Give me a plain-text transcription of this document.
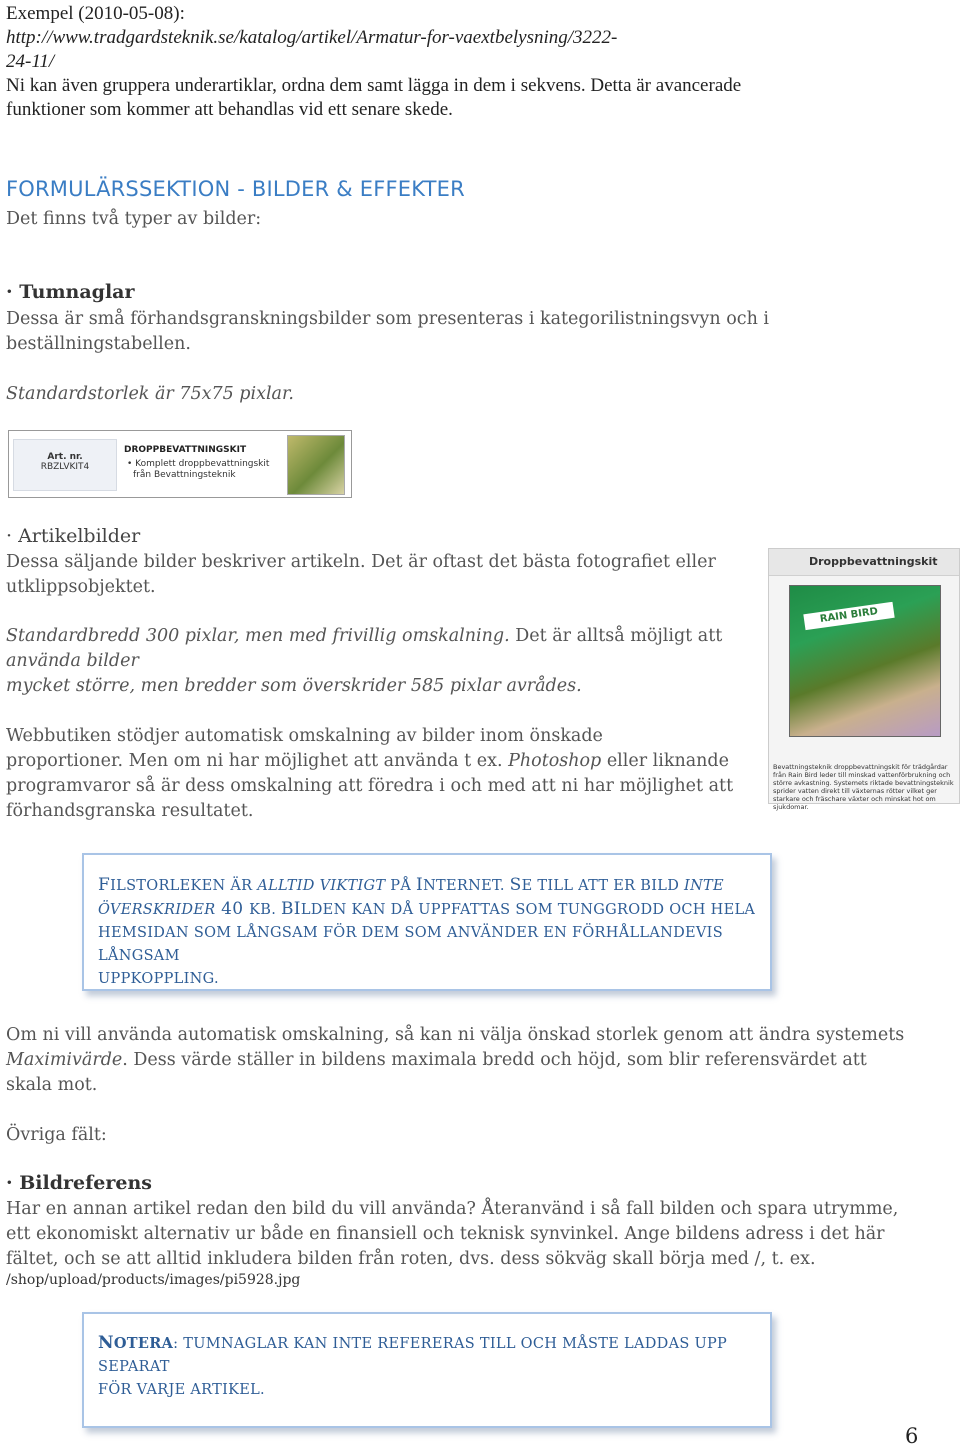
Exempel (2010-05-08):
http://www.tradgardsteknik.se/katalog/artikel/Armatur-for-vaextbelysning/3222-
24-11/
Ni kan även gruppera underartiklar, ordna dem samt lägga in dem i sekvens. Detta är avancerade
funktioner som kommer att behandlas vid ett senare skede.
FORMULÄRSSEKTION - BILDER & EFFEKTER
Det finns två typer av bilder:
· Tumnaglar
Dessa är små förhandsgranskningsbilder som presenteras i kategorilistningsvyn och i
beställningstabellen.
Standardstorlek är 75x75 pixlar.
Art. nr.
RBZLVKIT4
DROPPBEVATTNINGSKIT
• Komplett droppbevattningskit
från Bevattningsteknik
· Artikelbilder
Dessa säljande bilder beskriver artikeln. Det är oftast det bästa fotografiet eller
utklippsobjektet.
Standardbredd 300 pixlar, men med frivillig omskalning. Det är alltså möjligt att
använda bilder
mycket större, men bredder som överskrider 585 pixlar avrådes.
Webbutiken stödjer automatisk omskalning av bilder inom önskade
proportioner. Men om ni har möjlighet att använda t ex. Photoshop eller liknande
programvaror så är dess omskalning att föredra i och med att ni har möjlighet att
förhandsgranska resultatet.
Droppbevattningskit
RAIN BIRD
Bevattningsteknik droppbevattningskit för trädgårdar från Rain Bird leder till minskad vattenförbrukning och större avkastning. Systemets riktade bevattningsteknik sprider vatten direkt till växternas rötter vilket ger starkare och fräschare växter och minskat hot om sjukdomar.
FILSTORLEKEN ÄR ALLTID VIKTIGT PÅ INTERNET. SE TILL ATT ER BILD INTE
ÖVERSKRIDER 40 KB. BILDEN KAN DÅ UPPFATTAS SOM TUNGGRODD OCH HELA
HEMSIDAN SOM LÅNGSAM FÖR DEM SOM ANVÄNDER EN FÖRHÅLLANDEVIS LÅNGSAM
UPPKOPPLING.
Om ni vill använda automatisk omskalning, så kan ni välja önskad storlek genom att ändra systemets
Maximivärde. Dess värde ställer in bildens maximala bredd och höjd, som blir referensvärdet att
skala mot.
Övriga fält:
· Bildreferens
Har en annan artikel redan den bild du vill använda? Återanvänd i så fall bilden och spara utrymme,
ett ekonomiskt alternativ ur både en finansiell och teknisk synvinkel. Ange bildens adress i det här
fältet, och se att alltid inkludera bilden från roten, dvs. dess sökväg skall börja med /, t. ex.
/shop/upload/products/images/pi5928.jpg
NOTERA: TUMNAGLAR KAN INTE REFERERAS TILL OCH MÅSTE LADDAS UPP SEPARAT
FÖR VARJE ARTIKEL.
6
